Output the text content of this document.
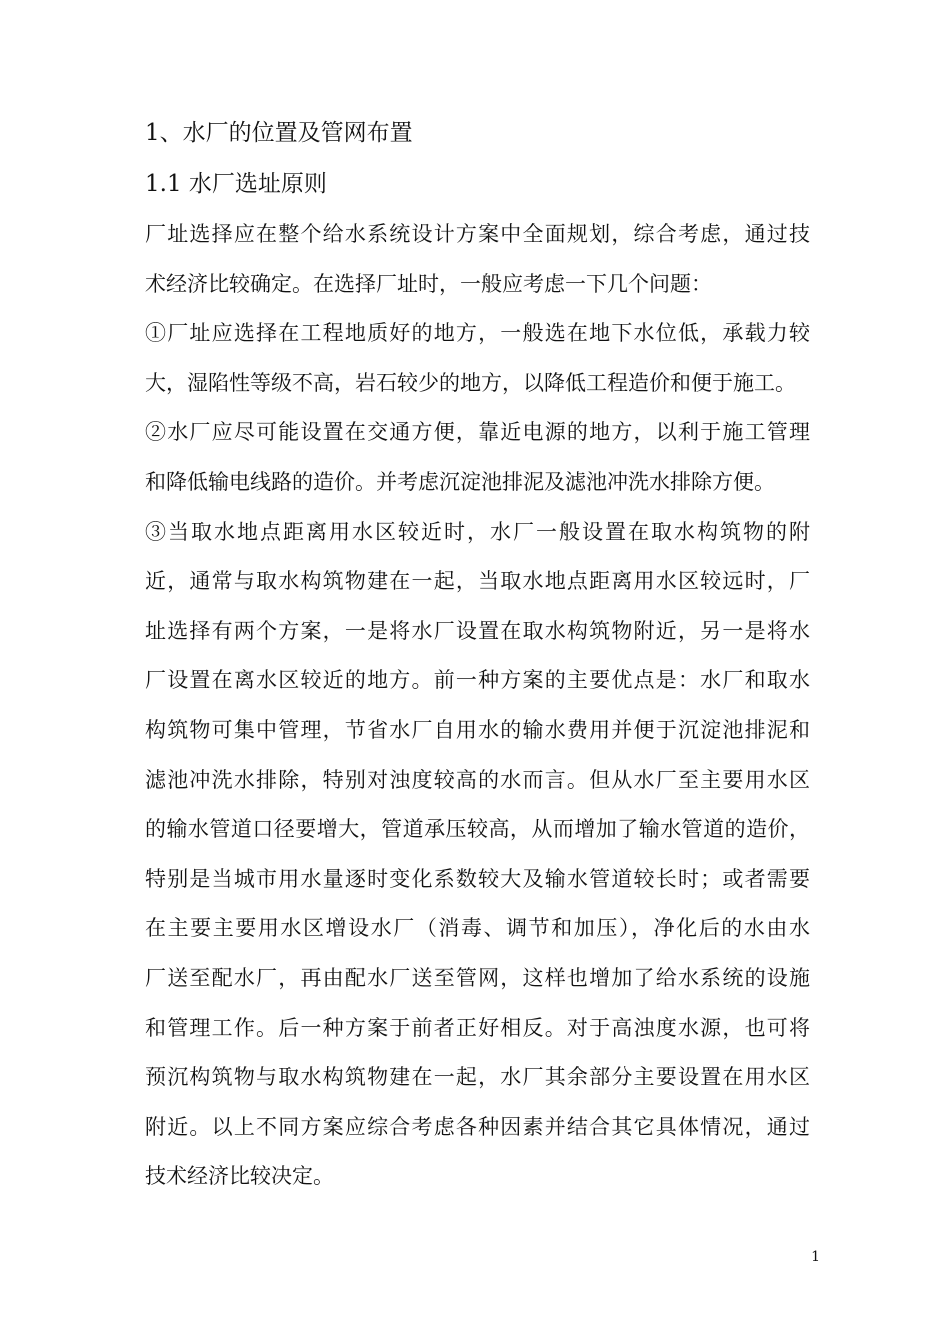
1、水厂的位置及管网布置
1.1 水厂选址原则
厂址选择应在整个给水系统设计方案中全面规划，综合考虑，通过技
术经济比较确定。在选择厂址时，一般应考虑一下几个问题：
①厂址应选择在工程地质好的地方，一般选在地下水位低，承载力较
大，湿陷性等级不高，岩石较少的地方，以降低工程造价和便于施工。
②水厂应尽可能设置在交通方便，靠近电源的地方，以利于施工管理
和降低输电线路的造价。并考虑沉淀池排泥及滤池冲洗水排除方便。
③当取水地点距离用水区较近时，水厂一般设置在取水构筑物的附
近，通常与取水构筑物建在一起，当取水地点距离用水区较远时，厂
址选择有两个方案，一是将水厂设置在取水构筑物附近，另一是将水
厂设置在离水区较近的地方。前一种方案的主要优点是：水厂和取水
构筑物可集中管理，节省水厂自用水的输水费用并便于沉淀池排泥和
滤池冲洗水排除，特别对浊度较高的水而言。但从水厂至主要用水区
的输水管道口径要增大，管道承压较高，从而增加了输水管道的造价，
特别是当城市用水量逐时变化系数较大及输水管道较长时；或者需要
在主要主要用水区增设水厂（消毒、调节和加压），净化后的水由水
厂送至配水厂，再由配水厂送至管网，这样也增加了给水系统的设施
和管理工作。后一种方案于前者正好相反。对于高浊度水源，也可将
预沉构筑物与取水构筑物建在一起，水厂其余部分主要设置在用水区
附近。以上不同方案应综合考虑各种因素并结合其它具体情况，通过
技术经济比较决定。
1
